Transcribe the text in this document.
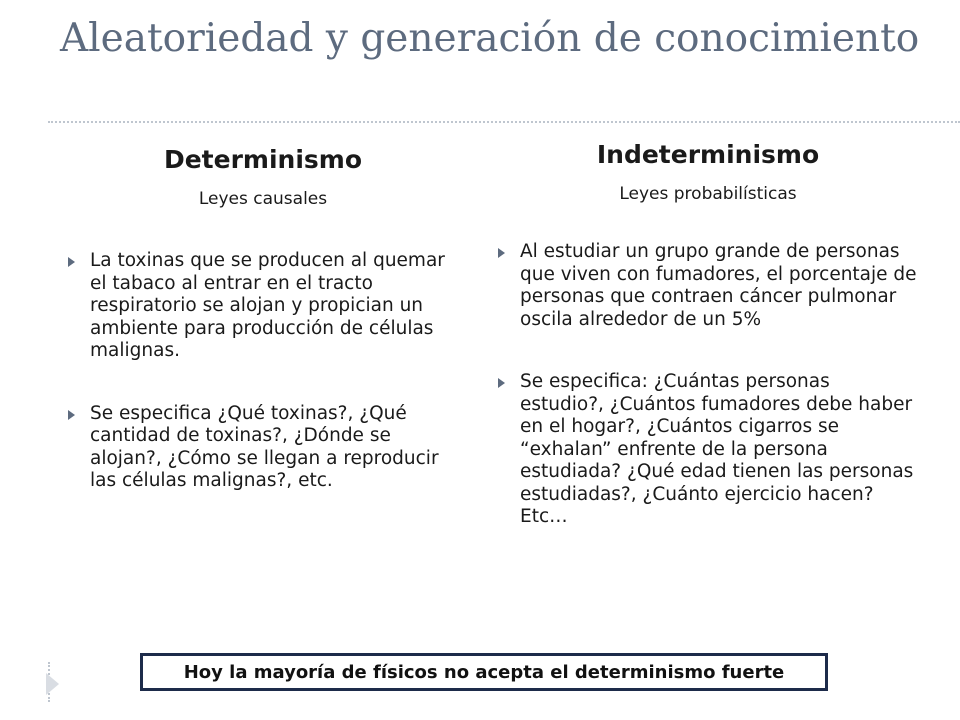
Aleatoriedad y generación de conocimiento
Determinismo

Leyes causales

La toxinas que se producen al quemar el tabaco al entrar en el tracto respiratorio se alojan y propician un ambiente para producción de células malignas.
Se especifica ¿Qué toxinas?, ¿Qué cantidad de toxinas?, ¿Dónde se alojan?, ¿Cómo se llegan a reproducir las células malignas?, etc.
Indeterminismo

Leyes probabilísticas

Al estudiar un grupo grande de personas que viven con fumadores, el porcentaje de personas que contraen cáncer pulmonar oscila alrededor de un 5%
Se especifica: ¿Cuántas personas estudio?, ¿Cuántos fumadores debe haber en el hogar?, ¿Cuántos cigarros se “exhalan” enfrente de la persona estudiada? ¿Qué edad tienen las personas estudiadas?, ¿Cuánto ejercicio hacen? Etc…
Hoy la mayoría de físicos no acepta el determinismo fuerte
